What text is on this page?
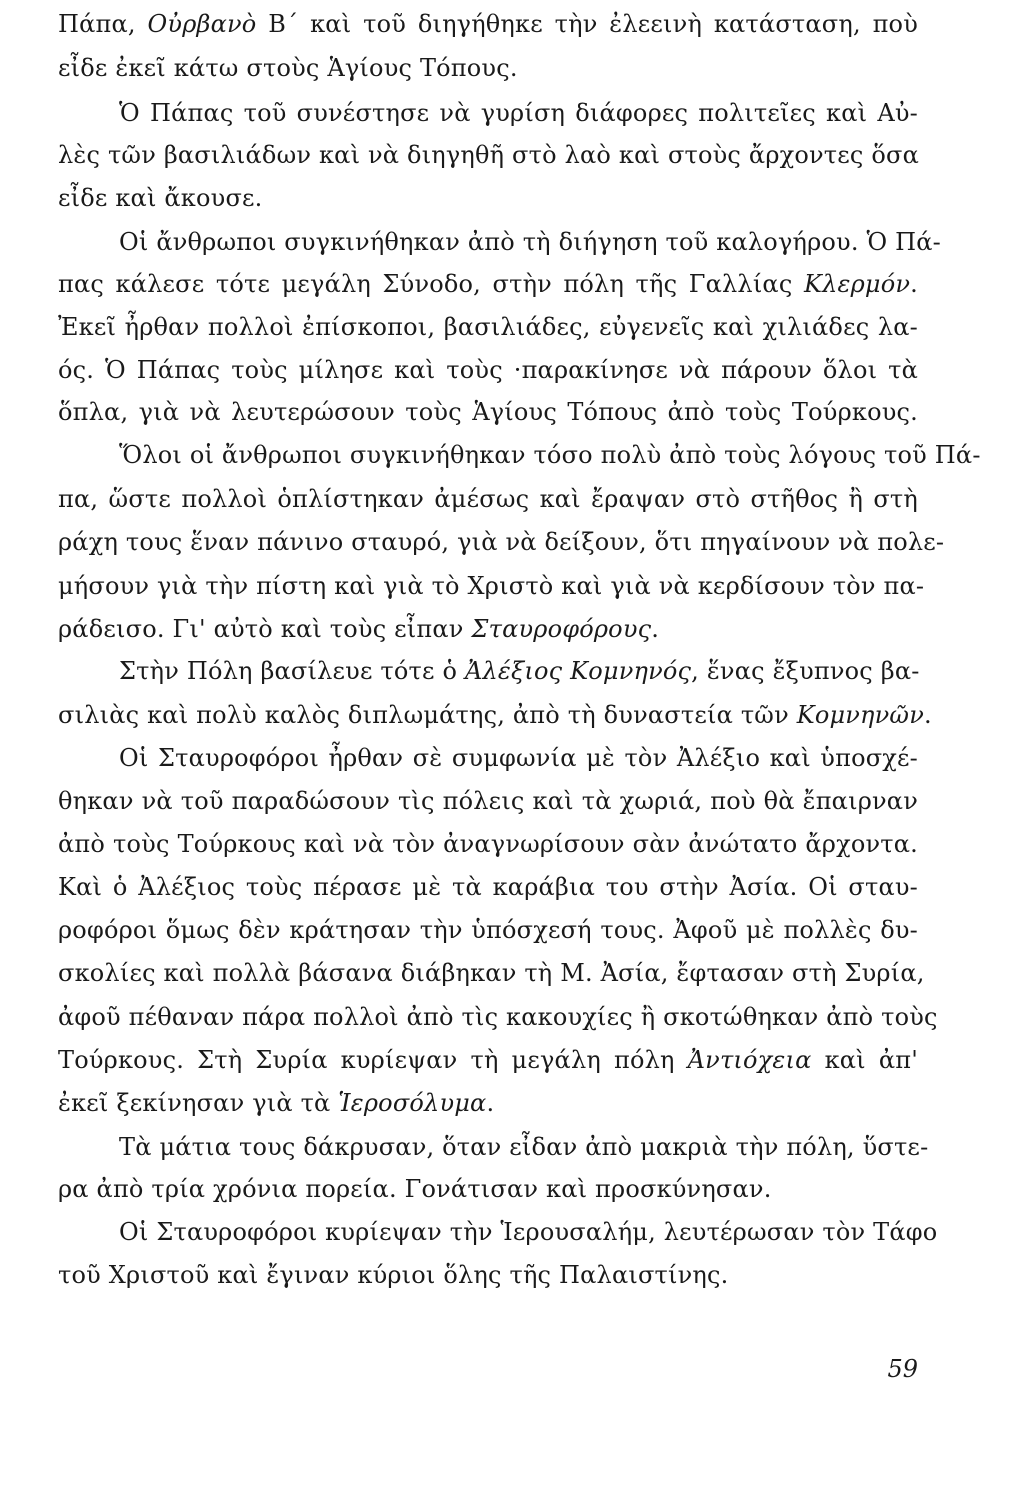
Πάπα, Οὐρβανὸ Β΄ καὶ τοῦ διηγήθηκε τὴν ἐλεεινὴ κατάσταση, ποὺ
εἶδε ἐκεῖ κάτω στοὺς Ἁγίους Τόπους.
Ὁ Πάπας τοῦ συνέστησε νὰ γυρίση διάφορες πολιτεῖες καὶ Αὐ-
λὲς τῶν βασιλιάδων καὶ νὰ διηγηθῆ στὸ λαὸ καὶ στοὺς ἄρχοντες ὅσα
εἶδε καὶ ἄκουσε.
Οἱ ἄνθρωποι συγκινήθηκαν ἀπὸ τὴ διήγηση τοῦ καλογήρου. Ὁ Πά-
πας κάλεσε τότε μεγάλη Σύνοδο, στὴν πόλη τῆς Γαλλίας Κλερμόν.
Ἐκεῖ ἦρθαν πολλοὶ ἐπίσκοποι, βασιλιάδες, εὐγενεῖς καὶ χιλιάδες λα-
ός. Ὁ Πάπας τοὺς μίλησε καὶ τοὺς ·παρακίνησε νὰ πάρουν ὅλοι τὰ
ὅπλα, γιὰ νὰ λευτερώσουν τοὺς Ἁγίους Τόπους ἀπὸ τοὺς Τούρκους.
Ὅλοι οἱ ἄνθρωποι συγκινήθηκαν τόσο πολὺ ἀπὸ τοὺς λόγους τοῦ Πά-
πα, ὥστε πολλοὶ ὁπλίστηκαν ἀμέσως καὶ ἔραψαν στὸ στῆθος ἢ στὴ
ράχη τους ἕναν πάνινο σταυρό, γιὰ νὰ δείξουν, ὅτι πηγαίνουν νὰ πολε-
μήσουν γιὰ τὴν πίστη καὶ γιὰ τὸ Χριστὸ καὶ γιὰ νὰ κερδίσουν τὸν πα-
ράδεισο. Γι' αὐτὸ καὶ τοὺς εἶπαν Σταυροφόρους.
Στὴν Πόλη βασίλευε τότε ὁ Ἀλέξιος Κομνηνός, ἕνας ἔξυπνος βα-
σιλιὰς καὶ πολὺ καλὸς διπλωμάτης, ἀπὸ τὴ δυναστεία τῶν Κομνηνῶν.
Οἱ Σταυροφόροι ἦρθαν σὲ συμφωνία μὲ τὸν Ἀλέξιο καὶ ὑποσχέ-
θηκαν νὰ τοῦ παραδώσουν τὶς πόλεις καὶ τὰ χωριά, ποὺ θὰ ἔπαιρναν
ἀπὸ τοὺς Τούρκους καὶ νὰ τὸν ἀναγνωρίσουν σὰν ἀνώτατο ἄρχοντα.
Καὶ ὁ Ἀλέξιος τοὺς πέρασε μὲ τὰ καράβια του στὴν Ἀσία. Οἱ σταυ-
ροφόροι ὅμως δὲν κράτησαν τὴν ὑπόσχεσή τους. Ἀφοῦ μὲ πολλὲς δυ-
σκολίες καὶ πολλὰ βάσανα διάβηκαν τὴ Μ. Ἀσία, ἔφτασαν στὴ Συρία,
ἀφοῦ πέθαναν πάρα πολλοὶ ἀπὸ τὶς κακουχίες ἢ σκοτώθηκαν ἀπὸ τοὺς
Τούρκους. Στὴ Συρία κυρίεψαν τὴ μεγάλη πόλη Ἀντιόχεια καὶ ἀπ'
ἐκεῖ ξεκίνησαν γιὰ τὰ Ἱεροσόλυμα.
Τὰ μάτια τους δάκρυσαν, ὅταν εἶδαν ἀπὸ μακριὰ τὴν πόλη, ὕστε-
ρα ἀπὸ τρία χρόνια πορεία. Γονάτισαν καὶ προσκύνησαν.
Οἱ Σταυροφόροι κυρίεψαν τὴν Ἱερουσαλήμ, λευτέρωσαν τὸν Τάφο
τοῦ Χριστοῦ καὶ ἔγιναν κύριοι ὅλης τῆς Παλαιστίνης.
59
